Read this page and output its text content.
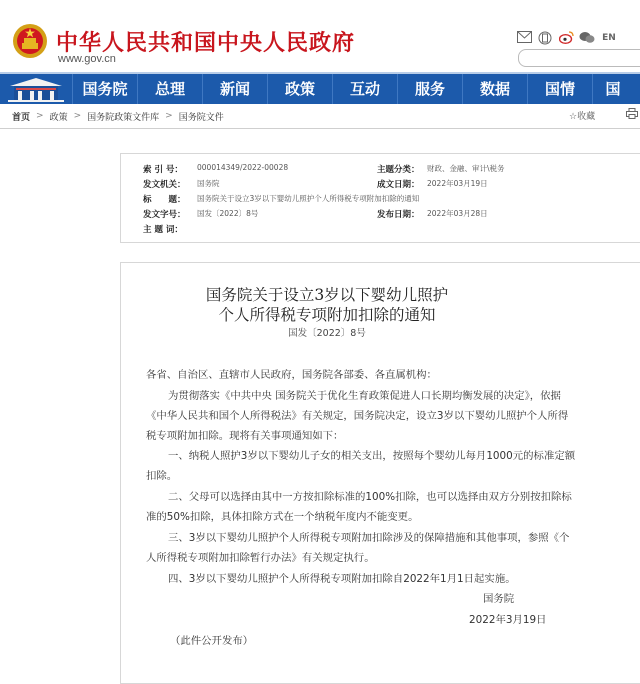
中华人民共和国中央人民政府
www.gov.cn
EN
国务院	总理	新闻	政策	互动	服务	数据	国情	国
首页 > 政策 > 国务院政策文件库 > 国务院文件	☆收藏
索 引 号： 000014349/2022-00028	主题分类： 财政、金融、审计\税务
发文机关： 国务院	成文日期： 2022年03月19日
标　　题： 国务院关于设立3岁以下婴幼儿照护个人所得税专项附加扣除的通知
发文字号： 国发〔2022〕8号	发布日期： 2022年03月28日
主 题 词：
国务院关于设立3岁以下婴幼儿照护
个人所得税专项附加扣除的通知
国发〔2022〕8号
各省、自治区、直辖市人民政府，国务院各部委、各直属机构：
为贯彻落实《中共中央 国务院关于优化生育政策促进人口长期均衡发展的决定》，依据
《中华人民共和国个人所得税法》有关规定，国务院决定，设立3岁以下婴幼儿照护个人所得
税专项附加扣除。现将有关事项通知如下：
一、纳税人照护3岁以下婴幼儿子女的相关支出，按照每个婴幼儿每月1000元的标准定额
扣除。
二、父母可以选择由其中一方按扣除标准的100%扣除，也可以选择由双方分别按扣除标
准的50%扣除，具体扣除方式在一个纳税年度内不能变更。
三、3岁以下婴幼儿照护个人所得税专项附加扣除涉及的保障措施和其他事项，参照《个
人所得税专项附加扣除暂行办法》有关规定执行。
四、3岁以下婴幼儿照护个人所得税专项附加扣除自2022年1月1日起实施。
国务院
2022年3月19日
（此件公开发布）
